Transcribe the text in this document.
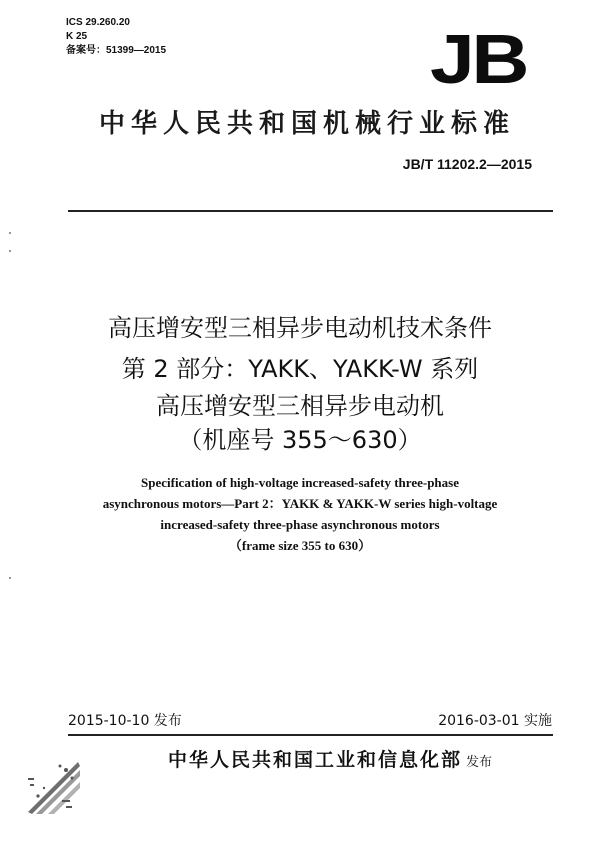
ICS 29.260.20
K 25
备案号：51399—2015	JB
中华人民共和国机械行业标准
JB/T 11202.2—2015
高压增安型三相异步电动机技术条件
第 2 部分：YAKK、YAKK-W 系列
高压增安型三相异步电动机
（机座号 355～630）
Specification of high-voltage increased-safety three-phase
asynchronous motors—Part 2：YAKK & YAKK-W series high-voltage
increased-safety three-phase asynchronous motors
（frame size 355 to 630）
2015-10-10 发布	2016-03-01 实施
中华人民共和国工业和信息化部 发布
